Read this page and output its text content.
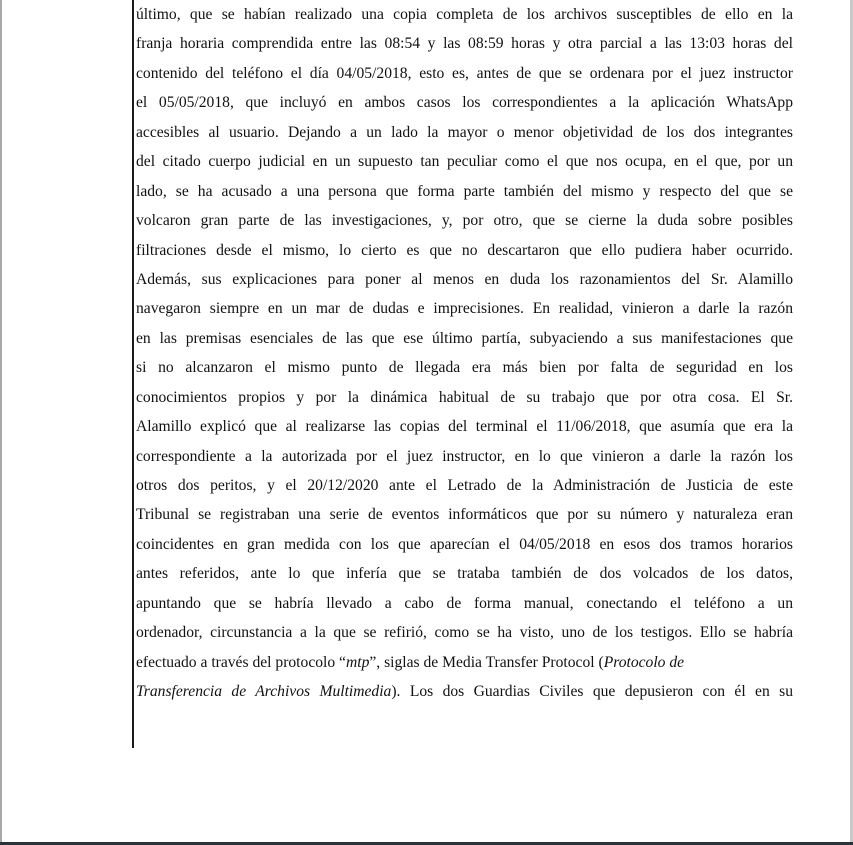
último, que se habían realizado una copia completa de los archivos susceptibles de ello en la
franja horaria comprendida entre las 08:54 y las 08:59 horas y otra parcial a las 13:03 horas del
contenido del teléfono el día 04/05/2018, esto es, antes de que se ordenara por el juez instructor
el 05/05/2018, que incluyó en ambos casos los correspondientes a la aplicación WhatsApp
accesibles al usuario. Dejando a un lado la mayor o menor objetividad de los dos integrantes
del citado cuerpo judicial en un supuesto tan peculiar como el que nos ocupa, en el que, por un
lado, se ha acusado a una persona que forma parte también del mismo y respecto del que se
volcaron gran parte de las investigaciones, y, por otro, que se cierne la duda sobre posibles
filtraciones desde el mismo, lo cierto es que no descartaron que ello pudiera haber ocurrido.
Además, sus explicaciones para poner al menos en duda los razonamientos del Sr. Alamillo
navegaron siempre en un mar de dudas e imprecisiones. En realidad, vinieron a darle la razón
en las premisas esenciales de las que ese último partía, subyaciendo a sus manifestaciones que
si no alcanzaron el mismo punto de llegada era más bien por falta de seguridad en los
conocimientos propios y por la dinámica habitual de su trabajo que por otra cosa. El Sr.
Alamillo explicó que al realizarse las copias del terminal el 11/06/2018, que asumía que era la
correspondiente a la autorizada por el juez instructor, en lo que vinieron a darle la razón los
otros dos peritos, y el 20/12/2020 ante el Letrado de la Administración de Justicia de este
Tribunal se registraban una serie de eventos informáticos que por su número y naturaleza eran
coincidentes en gran medida con los que aparecían el 04/05/2018 en esos dos tramos horarios
antes referidos, ante lo que infería que se trataba también de dos volcados de los datos,
apuntando que se habría llevado a cabo de forma manual, conectando el teléfono a un
ordenador, circunstancia a la que se refirió, como se ha visto, uno de los testigos. Ello se habría
efectuado a través del protocolo “mtp”, siglas de Media Transfer Protocol (Protocolo de
Transferencia de Archivos Multimedia). Los dos Guardias Civiles que depusieron con él en su
